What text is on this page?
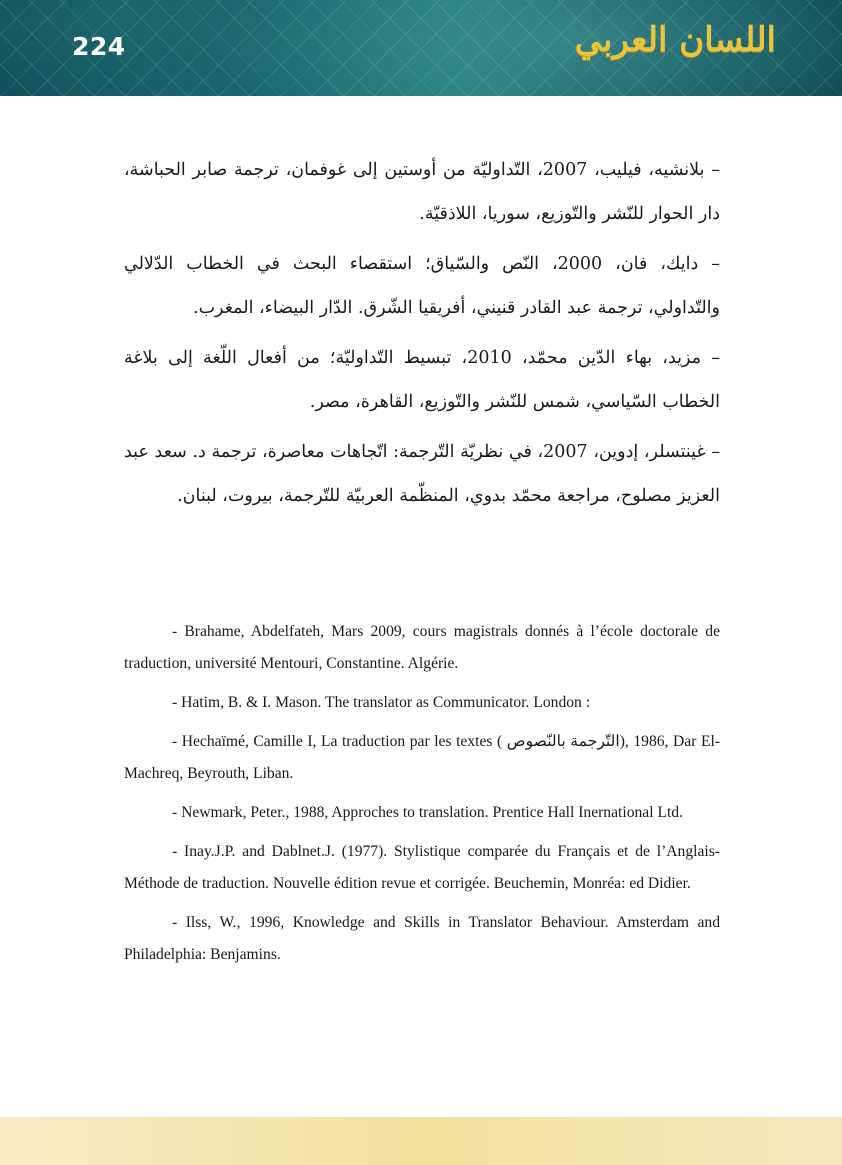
224	اللسان العربي

– بلانشيه، فيليب، 2007، التّداوليّة من أوستين إلى غوفمان، ترجمة صابر الحباشة، دار الحوار للنّشر والتّوزيع، سوريا، اللاذقيّة.

– دايك، فان، 2000، النّص والسّياق؛ استقصاء البحث في الخطاب الدّلالي والتّداولي، ترجمة عبد القادر قنيني، أفريقيا الشّرق. الدّار البيضاء، المغرب.

– مزيد، بهاء الدّين محمّد، 2010، تبسيط التّداوليّة؛ من أفعال اللّغة إلى بلاغة الخطاب السّياسي، شمس للنّشر والتّوزيع، القاهرة، مصر.

– غينتسلر، إدوين، 2007، في نظريّة التّرجمة: اتّجاهات معاصرة، ترجمة د. سعد عبد العزيز مصلوح، مراجعة محمّد بدوي، المنظّمة العربيّة للتّرجمة، بيروت، لبنان.

- Brahame, Abdelfateh, Mars 2009, cours magistrals donnés à l’école doctorale de traduction, université Mentouri, Constantine. Algérie.

- Hatim, B. & I. Mason. The translator as Communicator. London :

- Hechaïmé, Camille I, La traduction par les textes ( التّرجمة بالنّصوص), 1986, Dar El-Machreq, Beyrouth, Liban.

- Newmark, Peter., 1988, Approches to translation. Prentice Hall Inernational Ltd.

- Inay.J.P. and Dablnet.J. (1977). Stylistique comparée du Français et de l’Anglais- Méthode de traduction. Nouvelle édition revue et corrigée. Beuchemin, Monréa: ed Didier.

- Ilss, W., 1996, Knowledge and Skills in Translator Behaviour. Amsterdam and Philadelphia: Benjamins.
